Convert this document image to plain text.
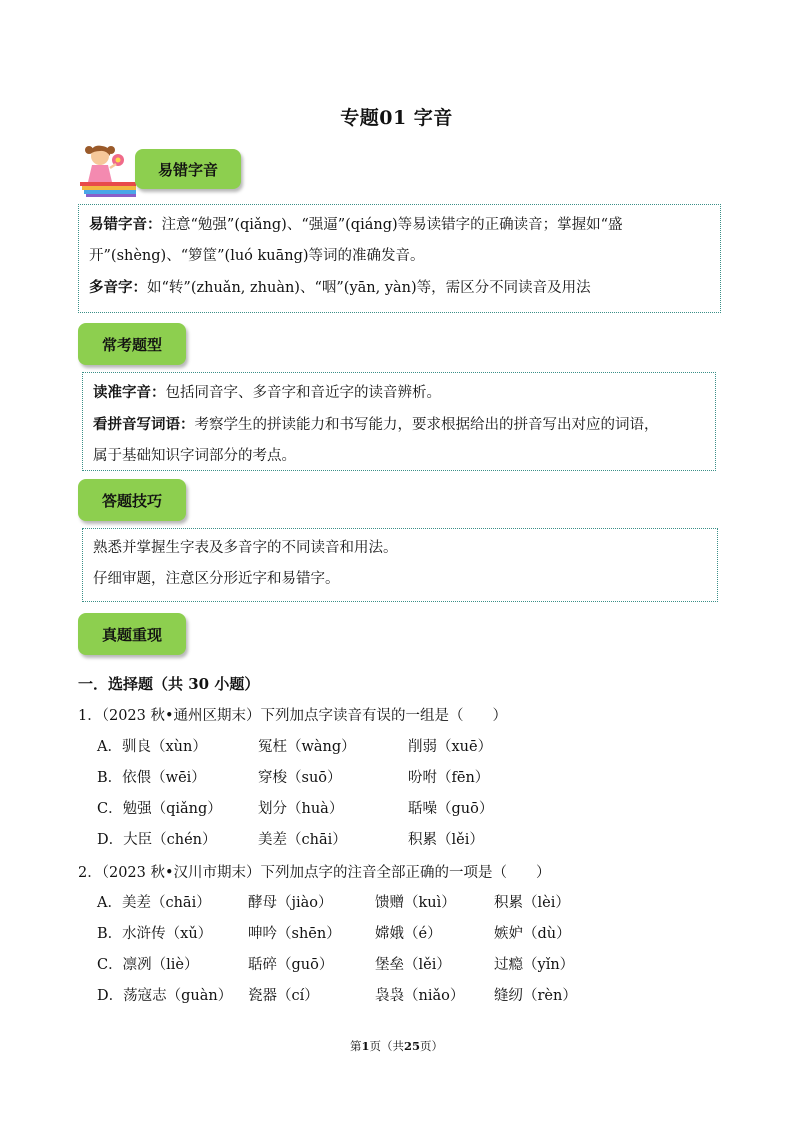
专题01 字音
易错字音
易错字音：注意“勉强”(qiǎng)、“强逼”(qiáng)等易读错字的正确读音；掌握如“盛
开”(shèng)、“箩筐”(luó kuāng)等词的准确发音。
多音字：如“转”(zhuǎn, zhuàn)、“咽”(yān, yàn)等，需区分不同读音及用法
常考题型
读准字音：包括同音字、多音字和音近字的读音辨析。
看拼音写词语：考察学生的拼读能力和书写能力，要求根据给出的拼音写出对应的词语，
属于基础知识字词部分的考点。
答题技巧
熟悉并掌握生字表及多音字的不同读音和用法。
仔细审题，注意区分形近字和易错字。
真题重现
一．选择题（共 30 小题）
1．（2023 秋•通州区期末）下列加点字读音有误的一组是（　　）
A．驯良（xùn）	冤枉（wàng）	削弱（xuē）
B．依偎（wēi）	穿梭（suō）	吩咐（fēn）
C．勉强（qiǎng） 划分（huà）	聒噪（guō）
D．大臣（chén）	美差（chāi）	积累（lěi）
2．（2023 秋•汉川市期末）下列加点字的注音全部正确的一项是（　　）
A．美差（chāi）	酵母（jiào）	馈赠（kuì）	积累（lèi）
B．水浒传（xǔ） 呻吟（shēn） 嫦娥（é）	嫉妒（dù）
C．凛冽（liè）	聒碎（guō）	堡垒（lěi）	过瘾（yǐn）
D．荡寇志（guàn） 瓷器（cí）	袅袅（niǎo） 缝纫（rèn）
第1页（共25页）
